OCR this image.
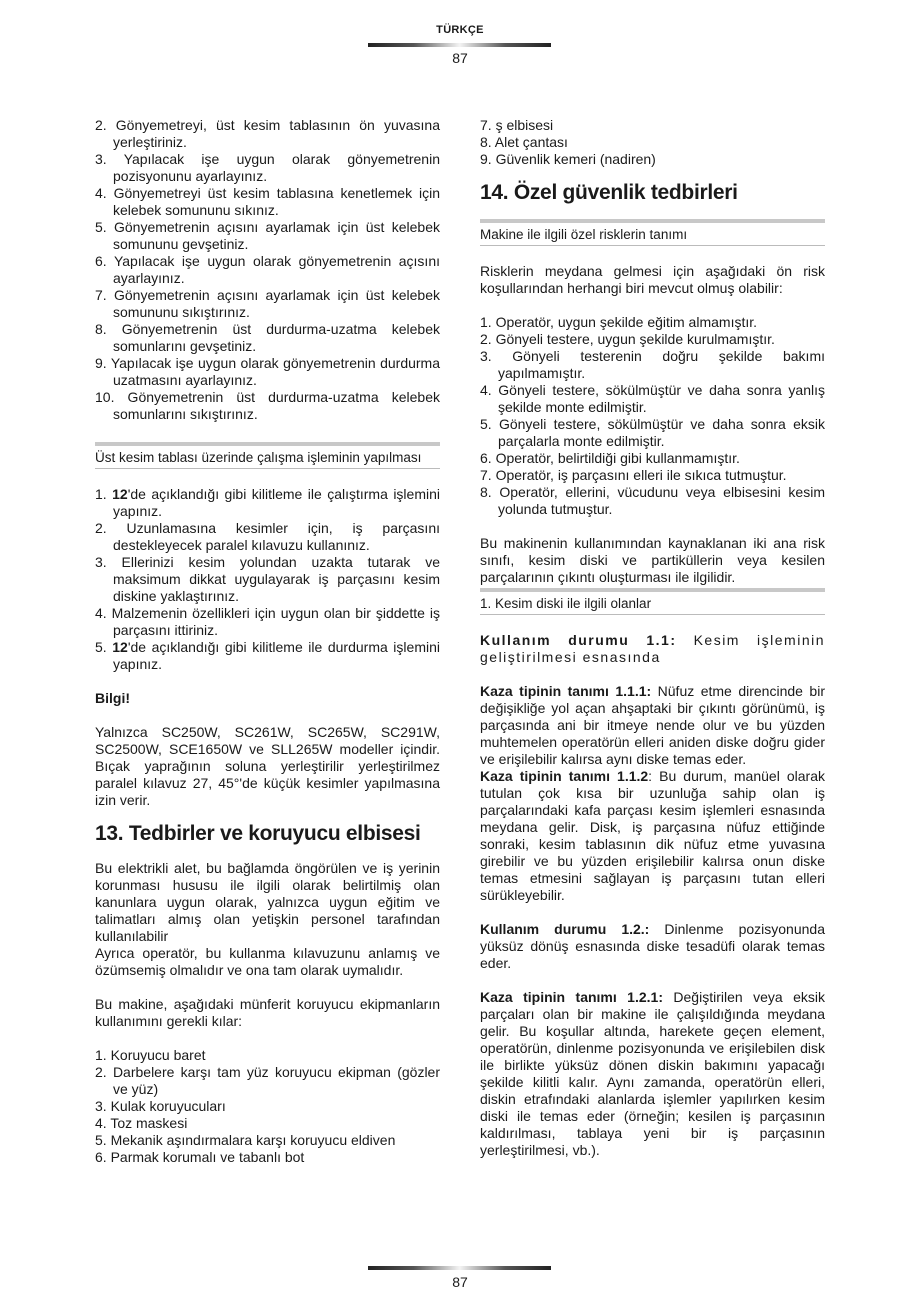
TÜRKÇE
87
2. Gönyemetreyi, üst kesim tablasının ön yuvasına yerleştiriniz.
3. Yapılacak işe uygun olarak gönyemetrenin pozisyonunu ayarlayınız.
4. Gönyemetreyi üst kesim tablasına kenetlemek için kelebek somununu sıkınız.
5. Gönyemetrenin açısını ayarlamak için üst kelebek somununu gevşetiniz.
6. Yapılacak işe uygun olarak gönyemetrenin açısını ayarlayınız.
7. Gönyemetrenin açısını ayarlamak için üst kelebek somununu sıkıştırınız.
8. Gönyemetrenin üst durdurma-uzatma kelebek somunlarını gevşetiniz.
9. Yapılacak işe uygun olarak gönyemetrenin durdurma uzatmasını ayarlayınız.
10. Gönyemetrenin üst durdurma-uzatma kelebek somunlarını sıkıştırınız.
Üst kesim tablası üzerinde çalışma işleminin yapılması
1. 12'de açıklandığı gibi kilitleme ile çalıştırma işlemini yapınız.
2. Uzunlamasına kesimler için, iş parçasını destekleyecek paralel kılavuzu kullanınız.
3. Ellerinizi kesim yolundan uzakta tutarak ve maksimum dikkat uygulayarak iş parçasını kesim diskine yaklaştırınız.
4. Malzemenin özellikleri için uygun olan bir şiddette iş parçasını ittiriniz.
5. 12'de açıklandığı gibi kilitleme ile durdurma işlemini yapınız.
Bilgi!
Yalnızca SC250W, SC261W, SC265W, SC291W, SC2500W, SCE1650W ve SLL265W modeller içindir. Bıçak yaprağının soluna yerleştirilir yerleştirilmez paralel kılavuz 27, 45°'de küçük kesimler yapılmasına izin verir.
13. Tedbirler ve koruyucu elbisesi
Bu elektrikli alet, bu bağlamda öngörülen ve iş yerinin korunması hususu ile ilgili olarak belirtilmiş olan kanunlara uygun olarak, yalnızca uygun eğitim ve talimatları almış olan yetişkin personel tarafından kullanılabilir
Ayrıca operatör, bu kullanma kılavuzunu anlamış ve özümsemiş olmalıdır ve ona tam olarak uymalıdır.
Bu makine, aşağıdaki münferit koruyucu ekipmanların kullanımını gerekli kılar:
1. Koruyucu baret
2. Darbelere karşı tam yüz koruyucu ekipman (gözler ve yüz)
3. Kulak koruyucuları
4. Toz maskesi
5. Mekanik aşındırmalara karşı koruyucu eldiven
6. Parmak korumalı ve tabanlı bot
7. ş elbisesi
8. Alet çantası
9. Güvenlik kemeri (nadiren)
14. Özel güvenlik tedbirleri
Makine ile ilgili özel risklerin tanımı
Risklerin meydana gelmesi için aşağıdaki ön risk koşullarından herhangi biri mevcut olmuş olabilir:
1. Operatör, uygun şekilde eğitim almamıştır.
2. Gönyeli testere, uygun şekilde kurulmamıştır.
3. Gönyeli testerenin doğru şekilde bakımı yapılmamıştır.
4. Gönyeli testere, sökülmüştür ve daha sonra yanlış şekilde monte edilmiştir.
5. Gönyeli testere, sökülmüştür ve daha sonra eksik parçalarla monte edilmiştir.
6. Operatör, belirtildiği gibi kullanmamıştır.
7. Operatör, iş parçasını elleri ile sıkıca tutmuştur.
8. Operatör, ellerini, vücudunu veya elbisesini kesim yolunda tutmuştur.
Bu makinenin kullanımından kaynaklanan iki ana risk sınıfı, kesim diski ve partiküllerin veya kesilen parçalarının çıkıntı oluşturması ile ilgilidir.
1. Kesim diski ile ilgili olanlar
Kullanım durumu 1.1: Kesim işleminin geliştirilmesi esnasında
Kaza tipinin tanımı 1.1.1: Nüfuz etme direncinde bir değişikliğe yol açan ahşaptaki bir çıkıntı görünümü, iş parçasında ani bir itmeye nende olur ve bu yüzden muhtemelen operatörün elleri aniden diske doğru gider ve erişilebilir kalırsa aynı diske temas eder.
Kaza tipinin tanımı 1.1.2: Bu durum, manüel olarak tutulan çok kısa bir uzunluğa sahip olan iş parçalarındaki kafa parçası kesim işlemleri esnasında meydana gelir. Disk, iş parçasına nüfuz ettiğinde sonraki, kesim tablasının dik nüfuz etme yuvasına girebilir ve bu yüzden erişilebilir kalırsa onun diske temas etmesini sağlayan iş parçasını tutan elleri sürükleyebilir.
Kullanım durumu 1.2.: Dinlenme pozisyonunda yüksüz dönüş esnasında diske tesadüfi olarak temas eder.
Kaza tipinin tanımı 1.2.1: Değiştirilen veya eksik parçaları olan bir makine ile çalışıldığında meydana gelir. Bu koşullar altında, harekete geçen element, operatörün, dinlenme pozisyonunda ve erişilebilen disk ile birlikte yüksüz dönen diskin bakımını yapacağı şekilde kilitli kalır. Aynı zamanda, operatörün elleri, diskin etrafındaki alanlarda işlemler yapılırken kesim diski ile temas eder (örneğin; kesilen iş parçasının kaldırılması, tablaya yeni bir iş parçasının yerleştirilmesi, vb.).
87
